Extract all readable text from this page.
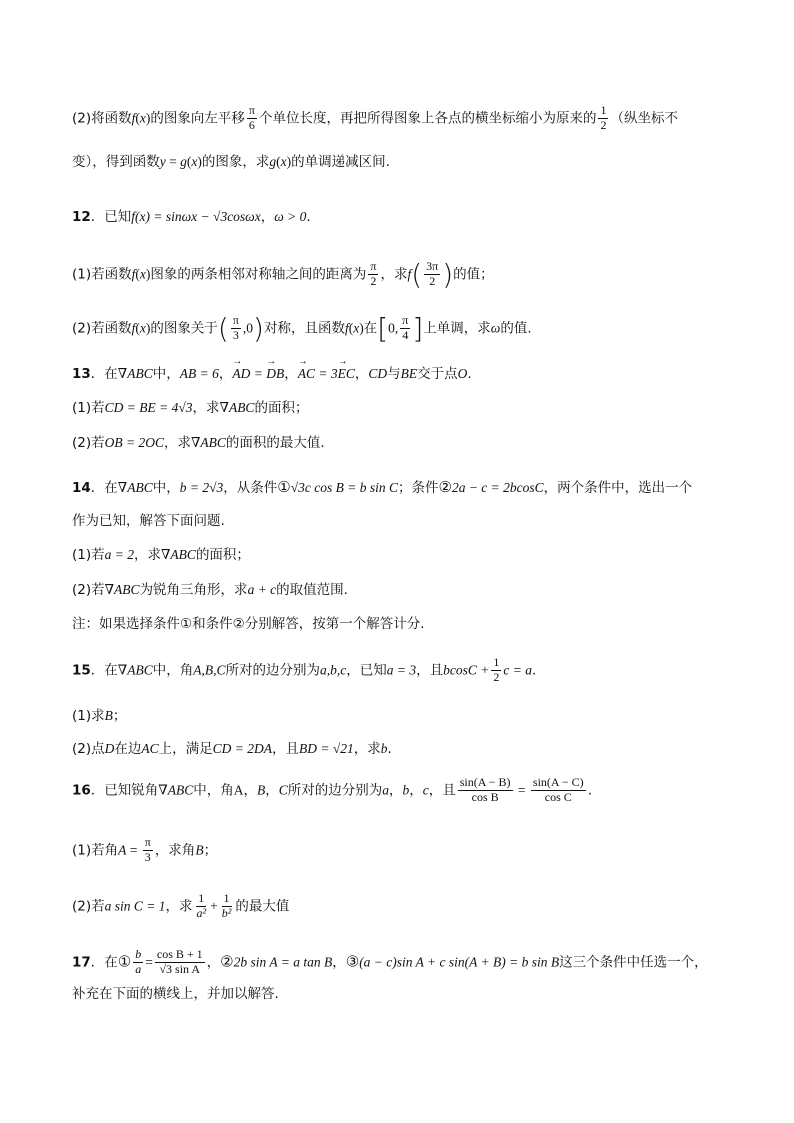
(2)将函数f(x)的图象向左平移 $\frac{\pi}{6}$ 个单位长度，再把所得图象上各点的横坐标缩小为原来的 $\frac{1}{2}$ （纵坐标不
变），得到函数y = g(x)的图象，求g(x)的单调递减区间.
12．已知f(x) = sinωx − √3cosωx，ω > 0.
(1)若函数f(x)图象的两条相邻对称轴之间的距离为 $\frac{\pi}{2}$ ，求$f( \frac{3\pi}{2}$ )的值；
(2)若函数f(x)的图象关于( $\frac{\pi}{3} ,0$)对称，且函数f(x)在[0, $\frac{\pi}{4}$ ]上单调，求ω的值.
13．在∇ABC中，AB = 6，→ AD = → DB，→ AC = 3→ EC，CD与BE交于点O.
(1)若CD = BE = 4√3，求∇ABC的面积；
(2)若OB = 2OC，求∇ABC的面积的最大值.
14．在∇ABC中，b = 2√3，从条件①√3c cos B = b sin C；条件②2a − c = 2bcosC，两个条件中，选出一个
作为已知，解答下面问题.
(1)若a = 2，求∇ABC的面积；
(2)若∇ABC为锐角三角形，求a + c的取值范围.
注：如果选择条件①和条件②分别解答，按第一个解答计分.
15．在∇ABC中，角A,B,C所对的边分别为a,b,c，已知a = 3，且$bcosC + \frac{1}{2}$ c = a.
(1)求B；
(2)点D在边AC上，满足CD = 2DA，且BD = √21，求b.
16．已知锐角∇ABC中，角A，B，C所对的边分别为a，b，c，且 $\frac{\sin(A - B)}{\text{cos B}} = \frac{\sin(A - C)}{\text{cos C}}$ .
(1)若角$A = \frac{\pi}{3}$ ，求角B；
(2)若a sin C = 1，求 $\frac{1}{\text{a²}} + \frac{1}{\text{b²}}$ 的最大值
17．在① $\frac{b}{a} = \frac{\text{cos B + 1}}{\text{√3 sin A}}$ ，②2b sin A = a tan B，③(a − c)sin A + c sin(A + B) = b sin B这三个条件中任选一个，
补充在下面的横线上，并加以解答.
